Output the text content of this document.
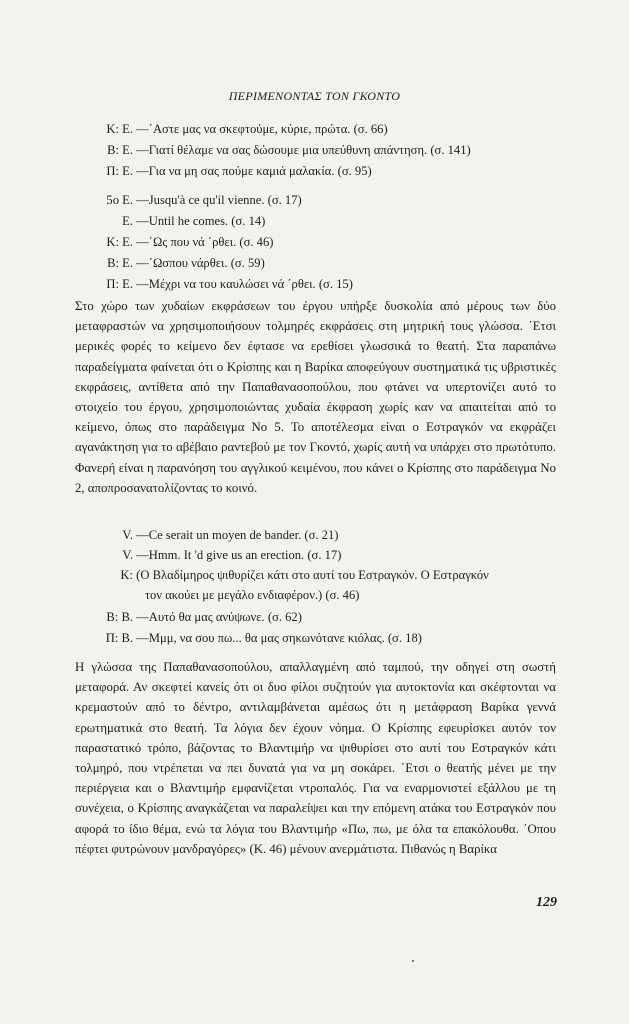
ΠΕΡΙΜΕΝΟΝΤΑΣ ΤΟΝ ΓΚΟΝΤΟ
Κ: Ε. —΄Αστε μας να σκεφτούμε, κύριε, πρώτα. (σ. 66)
Β: Ε. —Γιατί θέλαμε να σας δώσουμε μια υπεύθυνη απάντηση. (σ. 141)
Π: Ε. —Για να μη σας πούμε καμιά μαλακία. (σ. 95)
5ο Ε. —Jusqu'à ce qu'il vienne. (σ. 17)
Ε. —Until he comes. (σ. 14)
Κ: Ε. —΄Ως που νά ΄ρθει. (σ. 46)
Β: Ε. —΄Ωσπου νάρθει. (σ. 59)
Π: Ε. —Μέχρι να του καυλώσει νά ΄ρθει. (σ. 15)

Στο χώρο των χυδαίων εκφράσεων του έργου υπήρξε δυσκολία από μέρους των δύο μεταφραστών να χρησιμοποιήσουν τολμηρές εκφράσεις στη μητρική τους γλώσσα. ΄Ετσι μερικές φορές το κείμενο δεν έφτασε να ερεθίσει γλωσσικά το θεατή. Στα παραπάνω παραδείγματα φαίνεται ότι ο Κρίσπης και η Βαρίκα αποφεύγουν συστηματικά τις υβριστικές εκφράσεις, αντίθετα από την Παπαθανασοπούλου, που φτάνει να υπερτονίζει αυτό το στοιχείο του έργου, χρησιμοποιώντας χυδαία έκφραση χωρίς καν να απαιτείται από το κείμενο, όπως στο παράδειγμα Νο 5. Το αποτέλεσμα είναι ο Εστραγκόν να εκφράζει αγανάκτηση για το αβέβαιο ραντεβού με τον Γκοντό, χωρίς αυτή να υπάρχει στο πρωτότυπο. Φανερή είναι η παρανόηση του αγγλικού κειμένου, που κάνει ο Κρίσπης στο παράδειγμα Νο 2, αποπροσανατολίζοντας το κοινό.

V. —Ce serait un moyen de bander. (σ. 21)
V. —Hmm. It 'd give us an erection. (σ. 17)
Κ: (Ο Βλαδίμηρος ψιθυρίζει κάτι στο αυτί του Εστραγκόν. Ο Εστραγκόν
τον ακούει με μεγάλο ενδιαφέρον.) (σ. 46)
Β: Β. —Αυτό θα μας ανύψωνε. (σ. 62)
Π: Β. —Μμμ, να σου πω... θα μας σηκωνότανε κιόλας. (σ. 18)

Η γλώσσα της Παπαθανασοπούλου, απαλλαγμένη από ταμπού, την οδηγεί στη σωστή μεταφορά. Αν σκεφτεί κανείς ότι οι δυο φίλοι συζητούν για αυτοκτονία και σκέφτονται να κρεμαστούν από το δέντρο, αντιλαμβάνεται αμέσως ότι η μετάφραση Βαρίκα γεννά ερωτηματικά στο θεατή. Τα λόγια δεν έχουν νόημα. Ο Κρίσπης εφευρίσκει αυτόν τον παραστατικό τρόπο, βάζοντας το Βλαντιμήρ να ψιθυρίσει στο αυτί του Εστραγκόν κάτι τολμηρό, που ντρέπεται να πει δυνατά για να μη σοκάρει. ΄Ετσι ο θεατής μένει με την περιέργεια και ο Βλαντιμήρ εμφανίζεται ντροπαλός. Για να εναρμονιστεί εξάλλου με τη συνέχεια, ο Κρίσπης αναγκάζεται να παραλείψει και την επόμενη ατάκα του Εστραγκόν που αφορά το ίδιο θέμα, ενώ τα λόγια του Βλαντιμήρ «Πω, πω, με όλα τα επακόλουθα. ΄Οπου πέφτει φυτρώνουν μανδραγόρες» (Κ. 46) μένουν ανερμάτιστα. Πιθανώς η Βαρίκα

129
